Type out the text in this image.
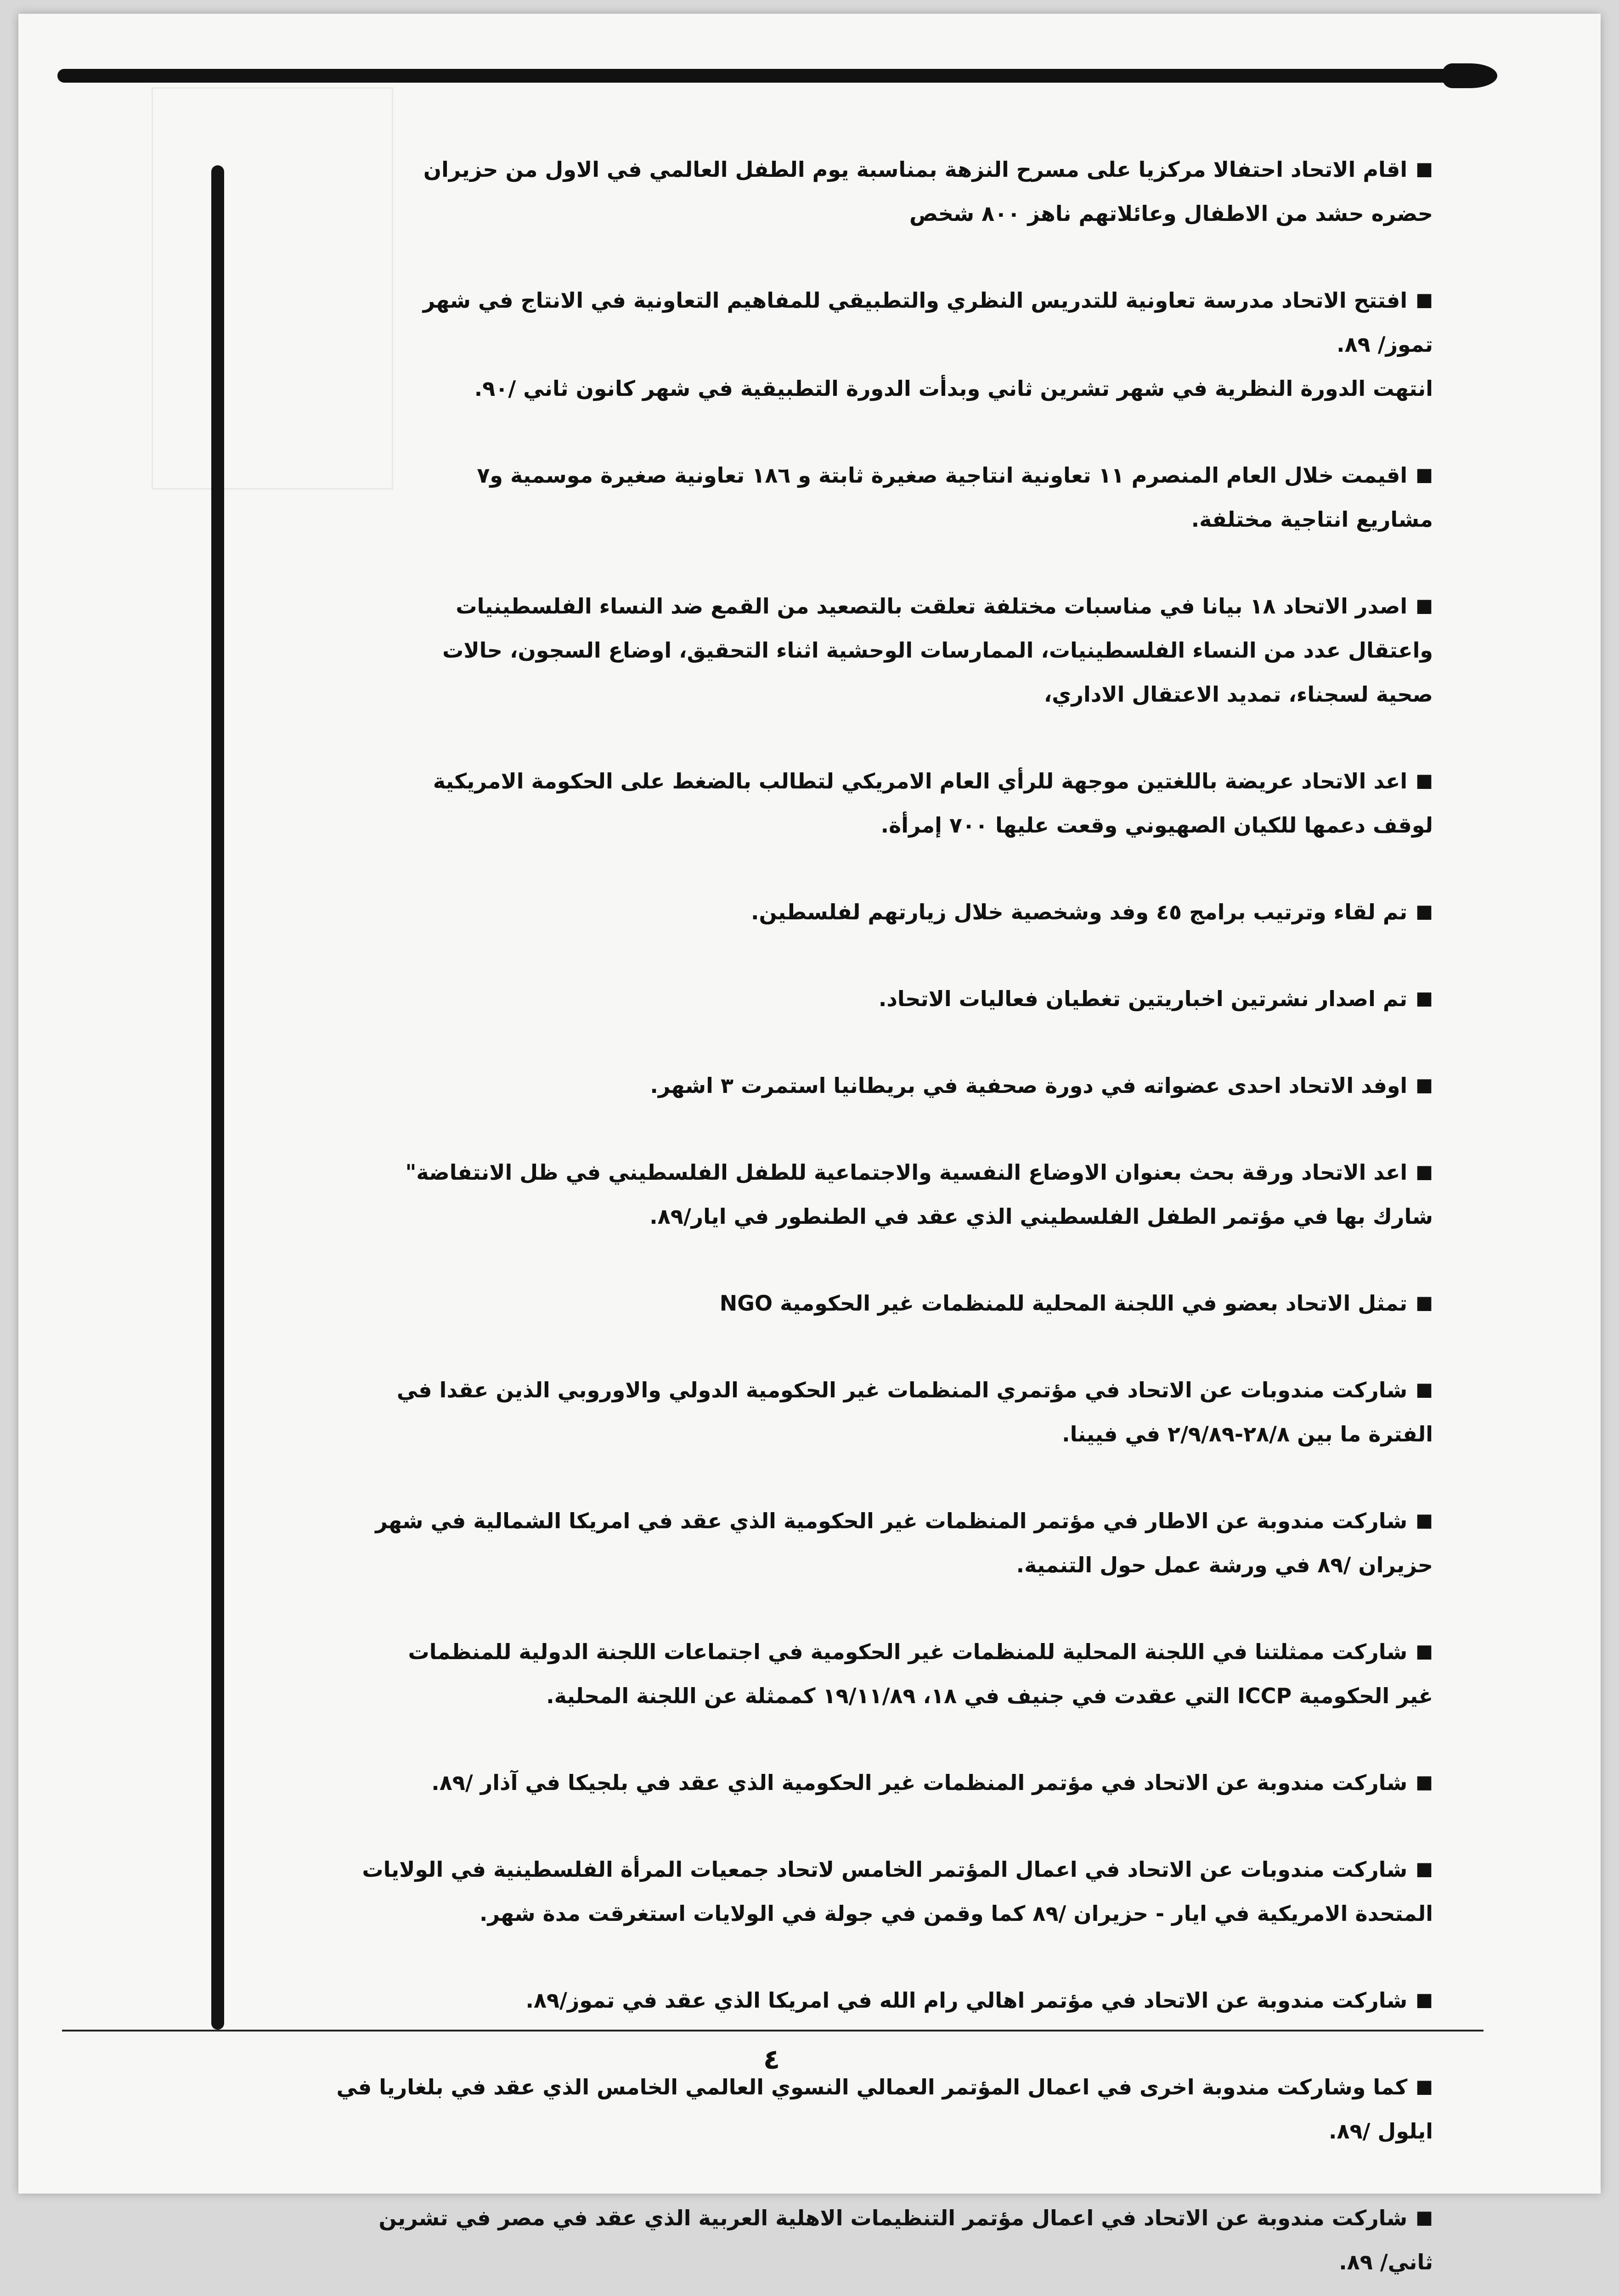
■اقام الاتحاد احتفالا مركزيا على مسرح النزهة بمناسبة يوم الطفل العالمي في الاول من حزيران

حضره حشد من الاطفال وعائلاتهم ناهز ٨٠٠ شخص

■افتتح الاتحاد مدرسة تعاونية للتدريس النظري والتطبيقي للمفاهيم التعاونية في الانتاج في شهر

تموز/ ٨٩.

انتهت الدورة النظرية في شهر تشرين ثاني وبدأت الدورة التطبيقية في شهر كانون ثاني /٩٠.

■اقيمت خلال العام المنصرم ١١ تعاونية انتاجية صغيرة ثابتة و ١٨٦ تعاونية صغيرة موسمية و٧

مشاريع انتاجية مختلفة.

■اصدر الاتحاد ١٨ بيانا في مناسبات مختلفة تعلقت بالتصعيد من القمع ضد النساء الفلسطينيات

واعتقال عدد من النساء الفلسطينيات، الممارسات الوحشية اثناء التحقيق، اوضاع السجون، حالات

صحية لسجناء، تمديد الاعتقال الاداري،

■اعد الاتحاد عريضة باللغتين موجهة للرأي العام الامريكي لتطالب بالضغط على الحكومة الامريكية

لوقف دعمها للكيان الصهيوني وقعت عليها ٧٠٠ إمرأة.

■تم لقاء وترتيب برامج ٤٥ وفد وشخصية خلال زيارتهم لفلسطين.

■تم اصدار نشرتين اخباريتين تغطيان فعاليات الاتحاد.

■اوفد الاتحاد احدى عضواته في دورة صحفية في بريطانيا استمرت ٣ اشهر.

■اعد الاتحاد ورقة بحث بعنوان الاوضاع النفسية والاجتماعية للطفل الفلسطيني في ظل الانتفاضة"

شارك بها في مؤتمر الطفل الفلسطيني الذي عقد في الطنطور في ايار/٨٩.

■تمثل الاتحاد بعضو في اللجنة المحلية للمنظمات غير الحكومية NGO

■شاركت مندوبات عن الاتحاد في مؤتمري المنظمات غير الحكومية الدولي والاوروبي الذين عقدا في

الفترة ما بين ٢٨/٨-٢/٩/٨٩ في فيينا.

■شاركت مندوبة عن الاطار في مؤتمر المنظمات غير الحكومية الذي عقد في امريكا الشمالية في شهر

حزيران /٨٩ في ورشة عمل حول التنمية.

■شاركت ممثلتنا في اللجنة المحلية للمنظمات غير الحكومية في اجتماعات اللجنة الدولية للمنظمات

غير الحكومية ICCP التي عقدت في جنيف في ١٨، ١٩/١١/٨٩ كممثلة عن اللجنة المحلية.

■شاركت مندوبة عن الاتحاد في مؤتمر المنظمات غير الحكومية الذي عقد في بلجيكا في آذار /٨٩.

■شاركت مندوبات عن الاتحاد في اعمال المؤتمر الخامس لاتحاد جمعيات المرأة الفلسطينية في الولايات

المتحدة الامريكية في ايار - حزيران /٨٩ كما وقمن في جولة في الولايات استغرقت مدة شهر.

■شاركت مندوبة عن الاتحاد في مؤتمر اهالي رام الله في امريكا الذي عقد في تموز/٨٩.

■كما وشاركت مندوبة اخرى في اعمال المؤتمر العمالي النسوي العالمي الخامس الذي عقد في بلغاريا في

ايلول /٨٩.

■شاركت مندوبة عن الاتحاد في اعمال مؤتمر التنظيمات الاهلية العربية الذي عقد في مصر في تشرين

ثاني/ ٨٩.

٤
